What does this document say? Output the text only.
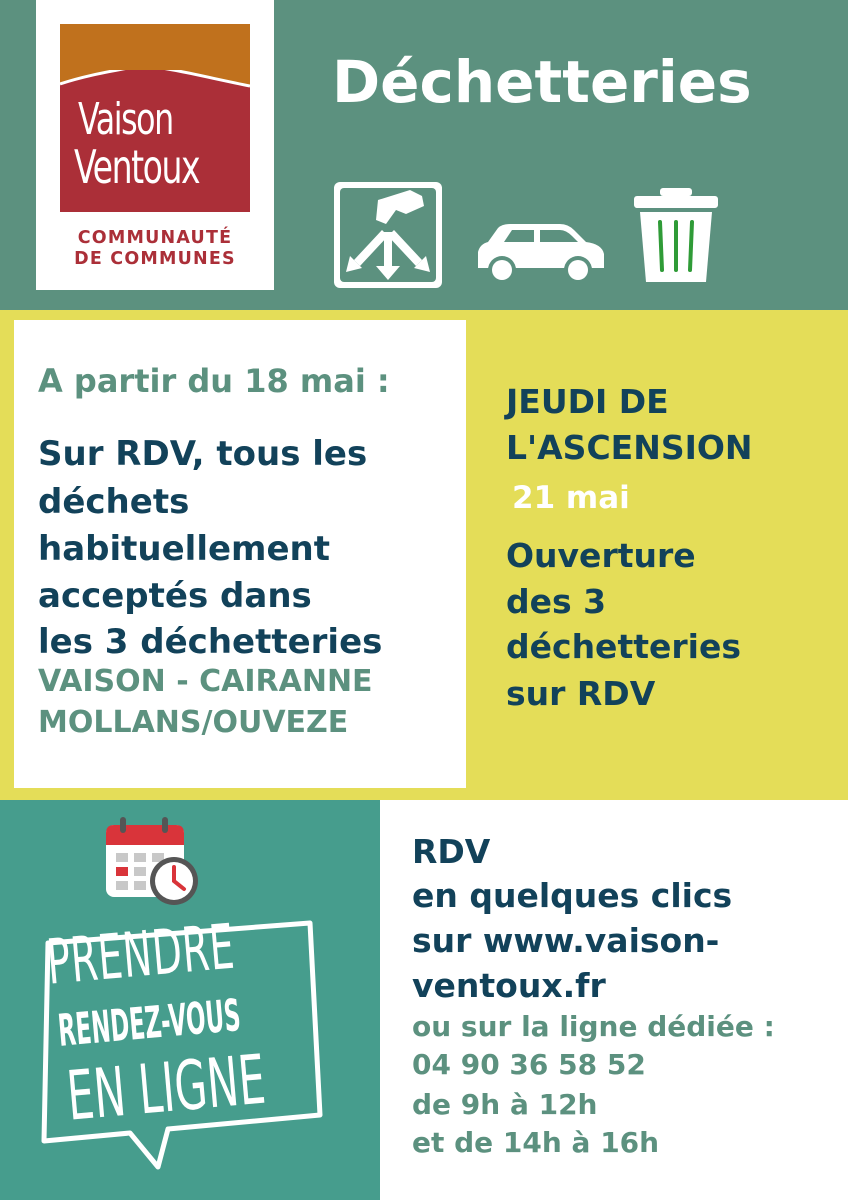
Vaison
Ventoux
COMMUNAUTÉ
DE COMMUNES
Déchetteries
A partir du 18 mai :
Sur RDV, tous les
déchets
habituellement
acceptés dans
les 3 déchetteries
VAISON - CAIRANNE
MOLLANS/OUVEZE
JEUDI DE
L'ASCENSION
21 mai
Ouverture
des 3
déchetteries
sur RDV
PRENDRE
RENDEZ-VOUS
EN LIGNE
RDV
en quelques clics
sur www.vaison-
ventoux.fr
ou sur la ligne dédiée :
04 90 36 58 52
de 9h à 12h
et de 14h à 16h
